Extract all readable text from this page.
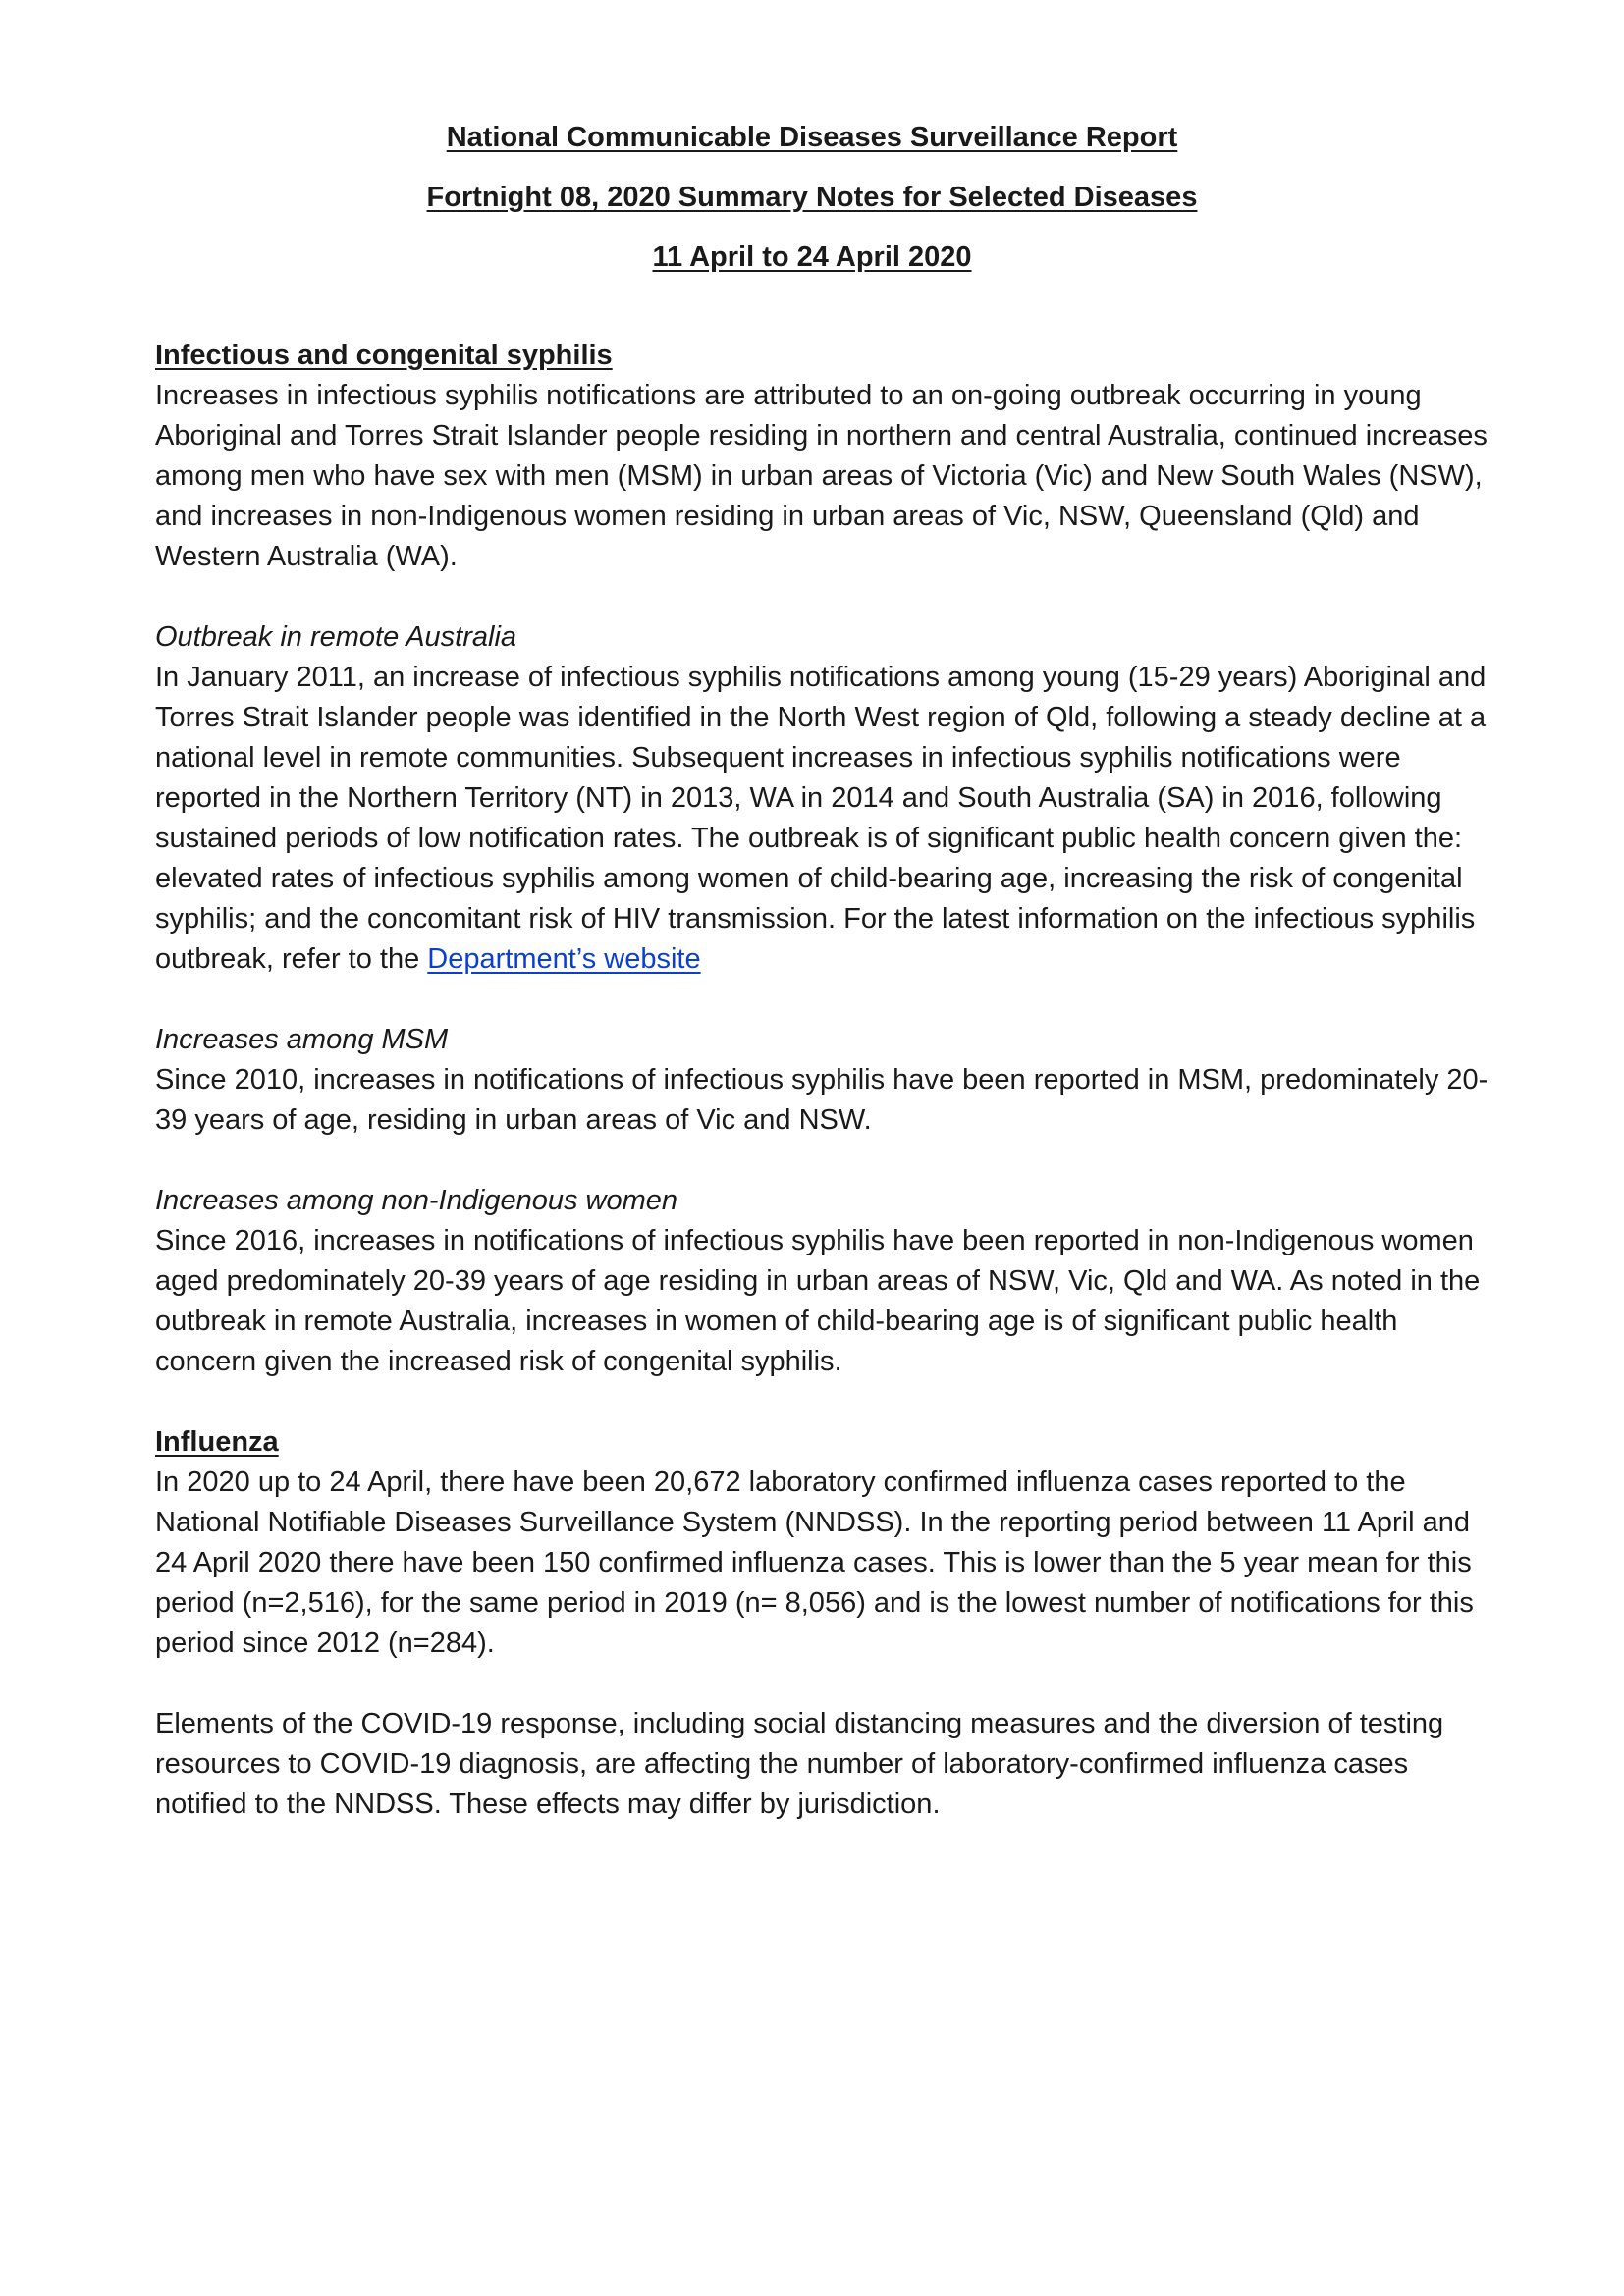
National Communicable Diseases Surveillance Report
Fortnight 08, 2020 Summary Notes for Selected Diseases
11 April to 24 April 2020

Infectious and congenital syphilis

Increases in infectious syphilis notifications are attributed to an on-going outbreak occurring in young Aboriginal and Torres Strait Islander people residing in northern and central Australia, continued increases among men who have sex with men (MSM) in urban areas of Victoria (Vic) and New South Wales (NSW), and increases in non-Indigenous women residing in urban areas of Vic, NSW, Queensland (Qld) and Western Australia (WA).

Outbreak in remote Australia

In January 2011, an increase of infectious syphilis notifications among young (15-29 years) Aboriginal and Torres Strait Islander people was identified in the North West region of Qld, following a steady decline at a national level in remote communities. Subsequent increases in infectious syphilis notifications were reported in the Northern Territory (NT) in 2013, WA in 2014 and South Australia (SA) in 2016, following sustained periods of low notification rates. The outbreak is of significant public health concern given the: elevated rates of infectious syphilis among women of child-bearing age, increasing the risk of congenital syphilis; and the concomitant risk of HIV transmission. For the latest information on the infectious syphilis outbreak, refer to the Department’s website

Increases among MSM

Since 2010, increases in notifications of infectious syphilis have been reported in MSM, predominately 20-39 years of age, residing in urban areas of Vic and NSW.

Increases among non-Indigenous women

Since 2016, increases in notifications of infectious syphilis have been reported in non-Indigenous women aged predominately 20-39 years of age residing in urban areas of NSW, Vic, Qld and WA. As noted in the outbreak in remote Australia, increases in women of child-bearing age is of significant public health concern given the increased risk of congenital syphilis.

Influenza

In 2020 up to 24 April, there have been 20,672 laboratory confirmed influenza cases reported to the National Notifiable Diseases Surveillance System (NNDSS). In the reporting period between 11 April and 24 April 2020 there have been 150 confirmed influenza cases. This is lower than the 5 year mean for this period (n=2,516), for the same period in 2019 (n= 8,056) and is the lowest number of notifications for this period since 2012 (n=284).

Elements of the COVID-19 response, including social distancing measures and the diversion of testing resources to COVID-19 diagnosis, are affecting the number of laboratory-confirmed influenza cases notified to the NNDSS. These effects may differ by jurisdiction.
